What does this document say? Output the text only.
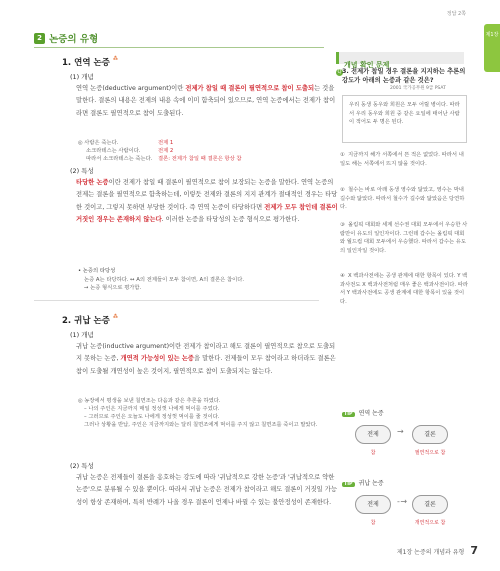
정답 2쪽
제1장
2 논증의 유형
1. 연역 논증 ⁂
(1) 개념
연역 논증(deductive argument)이란 전제가 참일 때 결론이 필연적으로 참이 도출되는 것을 말한다. 결론의 내용은 전제의 내용 속에 이미 함축되어 있으므로, 연역 논증에서는 전제가 참이라면 결론도 필연적으로 참이 도출된다.
◎ 사람은 죽는다.	전제 1
소크라테스는 사람이다.	전제 2
따라서 소크라테스는 죽는다. 결론: 전제가 참일 때 결론은 항상 참
(2) 특성
타당한 논증이란 전제가 참일 때 결론이 필연적으로 참이 보장되는 논증을 말한다. 연역 논증의 전제는 결론을 필연적으로 함축하는데, 이렇듯 전제와 결론의 지지 관계가 절대적인 경우는 타당한 것이고, 그렇지 못하면 부당한 것이다. 즉 연역 논증이 타당하다면 전제가 모두 참인데 결론이 거짓인 경우는 존재하지 않는다. 이러한 논증을 타당성의 논증 형식으로 평가한다.
• 논증의 타당성
논증 A는 타당하다. ↔ A의 전제들이 모두 참이면, A의 결론은 참이다.
→ 논증 형식으로 평가함.
2. 귀납 논증 ⁂
(1) 개념
귀납 논증(inductive argument)이란 전제가 참이라고 해도 결론이 필연적으로 참으로 도출되지 못하는 논증, 개연적 가능성이 있는 논증을 말한다. 전제들이 모두 참이라고 하더라도 결론은 참이 도출될 개연성이 높은 것이지, 필연적으로 참이 도출되지는 않는다.
◎ 농장에서 평생을 보낸 칠면조는 다음과 같은 추론을 하였다.
– 나의 주인은 지금까지 매일 정성껏 나에게 먹이를 주었다.
– 그러므로 주인은 오늘도 나에게 정성껏 먹이를 줄 것이다.
그러나 상황을 반납, 주인은 지금까지와는 달리 칠면조에게 먹이를 주지 않고 칠면조를 죽이고 말았다.
(2) 특성
귀납 논증은 전제들이 결론을 옹호하는 강도에 따라 '귀납적으로 강한 논증'과 '귀납적으로 약한 논증'으로 분류될 수 있을 뿐이다. 따라서 귀납 논증은 전제가 참이라고 해도 결론이 거짓일 가능성이 항상 존재하며, 특히 반례가 나올 경우 결론이 언제나 바뀔 수 있는 불안정성이 존재한다.
개념 확인 문제
Q 3. 전제가 참일 경우 결론을 지지하는 추론의 강도가 아래의 논증과 같은 것은?
2001 국가공무원 9급 PSAT
우리 동생 동우와 희원은 모두 어릴 병이다. 따라서 우리 동우와 희원 중 같은 요일에 태어난 사람이 적어도 두 명은 된다.
① 지금까지 해가 서쪽에서 뜬 적은 없었다. 따라서 내일도 해는 서쪽에서 뜨지 않을 것이다.
② 철수는 바로 아래 동생 영수와 닮았고, 영수는 막내 길수와 닮았다. 따라서 철수가 길수와 닮았음은 당연하다.
③ 올림픽 대회와 세계 선수권 대회 모두에서 우승한 사람만이 유도의 일인자이다. 그런데 갑수는 올림픽 대회와 월드컵 대회 모두에서 우승했다. 따라서 갑수는 유도의 일인자일 것이다.
④ X 백과사전에는 공생 관계에 대한 항목이 있다. Y 백과사전도 X 백과사전처럼 매우 좋은 백과사전이다. 따라서 Y 백과사전에도 공생 관계에 대한 항목이 있을 것이다.
TIP 연역 논증
전제	→	결론
참	필연적으로 참
TIP 귀납 논증
전제	- →	결론
참	개연적으로 참
제1장 논증의 개념과 유형 7
